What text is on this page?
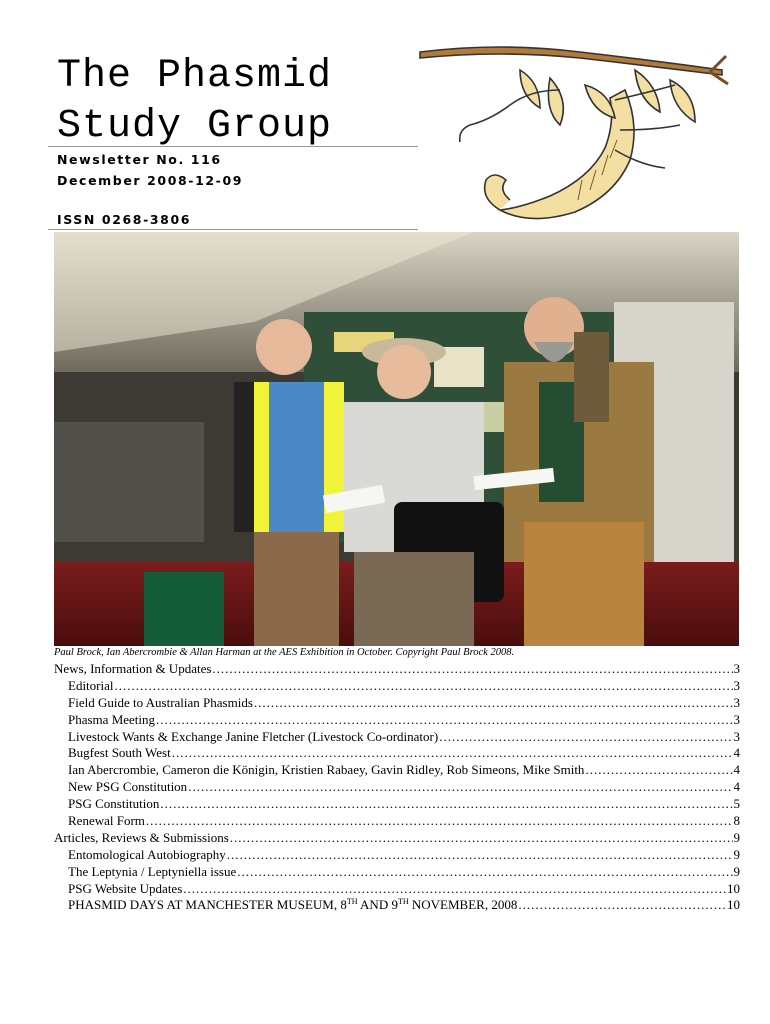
The Phasmid
Study Group
Newsletter No. 116
December 2008-12-09
ISSN 0268-3806
Paul Brock, Ian Abercrombie & Allan Harman at the AES Exhibition in October. Copyright Paul Brock 2008.
News, Information & Updates .....	3
Editorial .....	3
Field Guide to Australian Phasmids .....	3
Phasma Meeting .....	3
Livestock Wants & Exchange Janine Fletcher (Livestock Co-ordinator) .....	3
Bugfest South West .....	4
Ian Abercrombie, Cameron die Königin, Kristien Rabaey, Gavin Ridley, Rob Simeons, Mike Smith .....	4
New PSG Constitution .....	4
PSG Constitution .....	5
Renewal Form .....	8
Articles, Reviews & Submissions .....	9
Entomological Autobiography .....	9
The Leptynia / Leptyniella issue .....	9
PSG Website Updates .....	10
PHASMID DAYS AT MANCHESTER MUSEUM, 8TH AND 9TH NOVEMBER, 2008 .....	10
